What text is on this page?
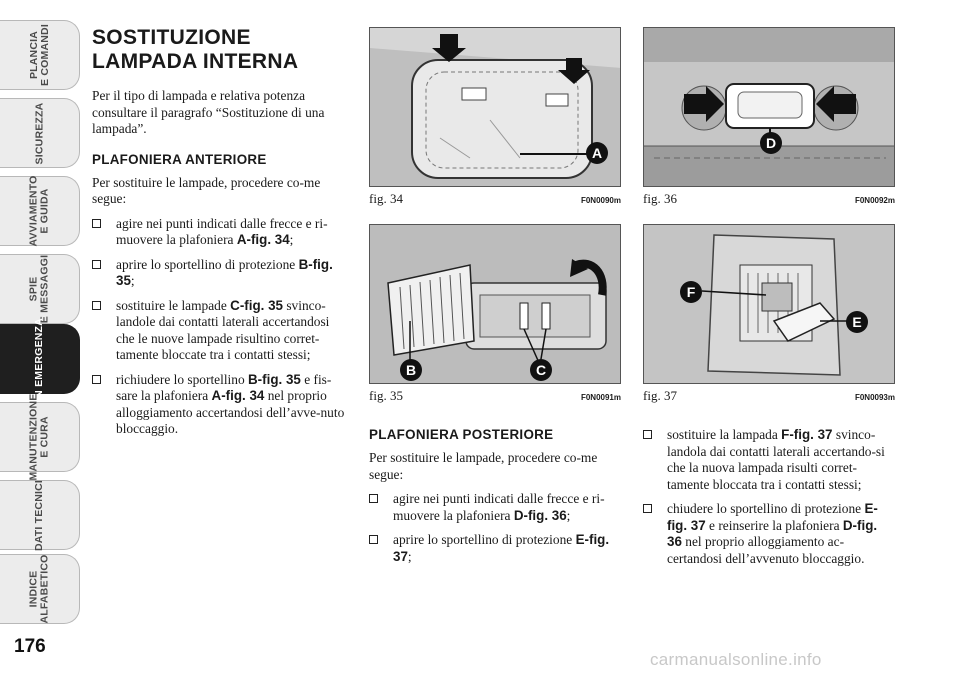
PLANCIA
E COMANDI
SICUREZZA
AVVIAMENTO
E GUIDA
SPIE
E MESSAGGI
IN EMERGENZA
MANUTENZIONE
E CURA
DATI TECNICI
INDICE
ALFABETICO
176
SOSTITUZIONE
LAMPADA INTERNA

Per il tipo di lampada e relativa potenza consultare il paragrafo “Sostituzione di una lampada”.

PLAFONIERA ANTERIORE

Per sostituire le lampade, procedere co-me segue:

agire nei punti indicati dalle frecce e ri-muovere la plafoniera A-fig. 34;
aprire lo sportellino di protezione B-fig. 35;
sostituire le lampade C-fig. 35 svinco-landole dai contatti laterali accertandosi che le nuove lampade risultino corret-tamente bloccate tra i contatti stessi;
richiudere lo sportellino B-fig. 35 e fis-sare la plafoniera A-fig. 34 nel proprio alloggiamento accertandosi dell’avve-nuto bloccaggio.
A
fig. 34	F0N0090m
D
fig. 36	F0N0092m
B	C
fig. 35	F0N0091m
F
E
fig. 37	F0N0093m
PLAFONIERA POSTERIORE

Per sostituire le lampade, procedere co-me segue:

agire nei punti indicati dalle frecce e ri-muovere la plafoniera D-fig. 36;
aprire lo sportellino di protezione E-fig. 37;
sostituire la lampada F-fig. 37 svinco-landola dai contatti laterali accertando-si che la nuova lampada risulti corret-tamente bloccata tra i contatti stessi;
chiudere lo sportellino di protezione E-fig. 37 e reinserire la plafoniera D-fig. 36 nel proprio alloggiamento ac-certandosi dell’avvenuto bloccaggio.
carmanualsonline.info
